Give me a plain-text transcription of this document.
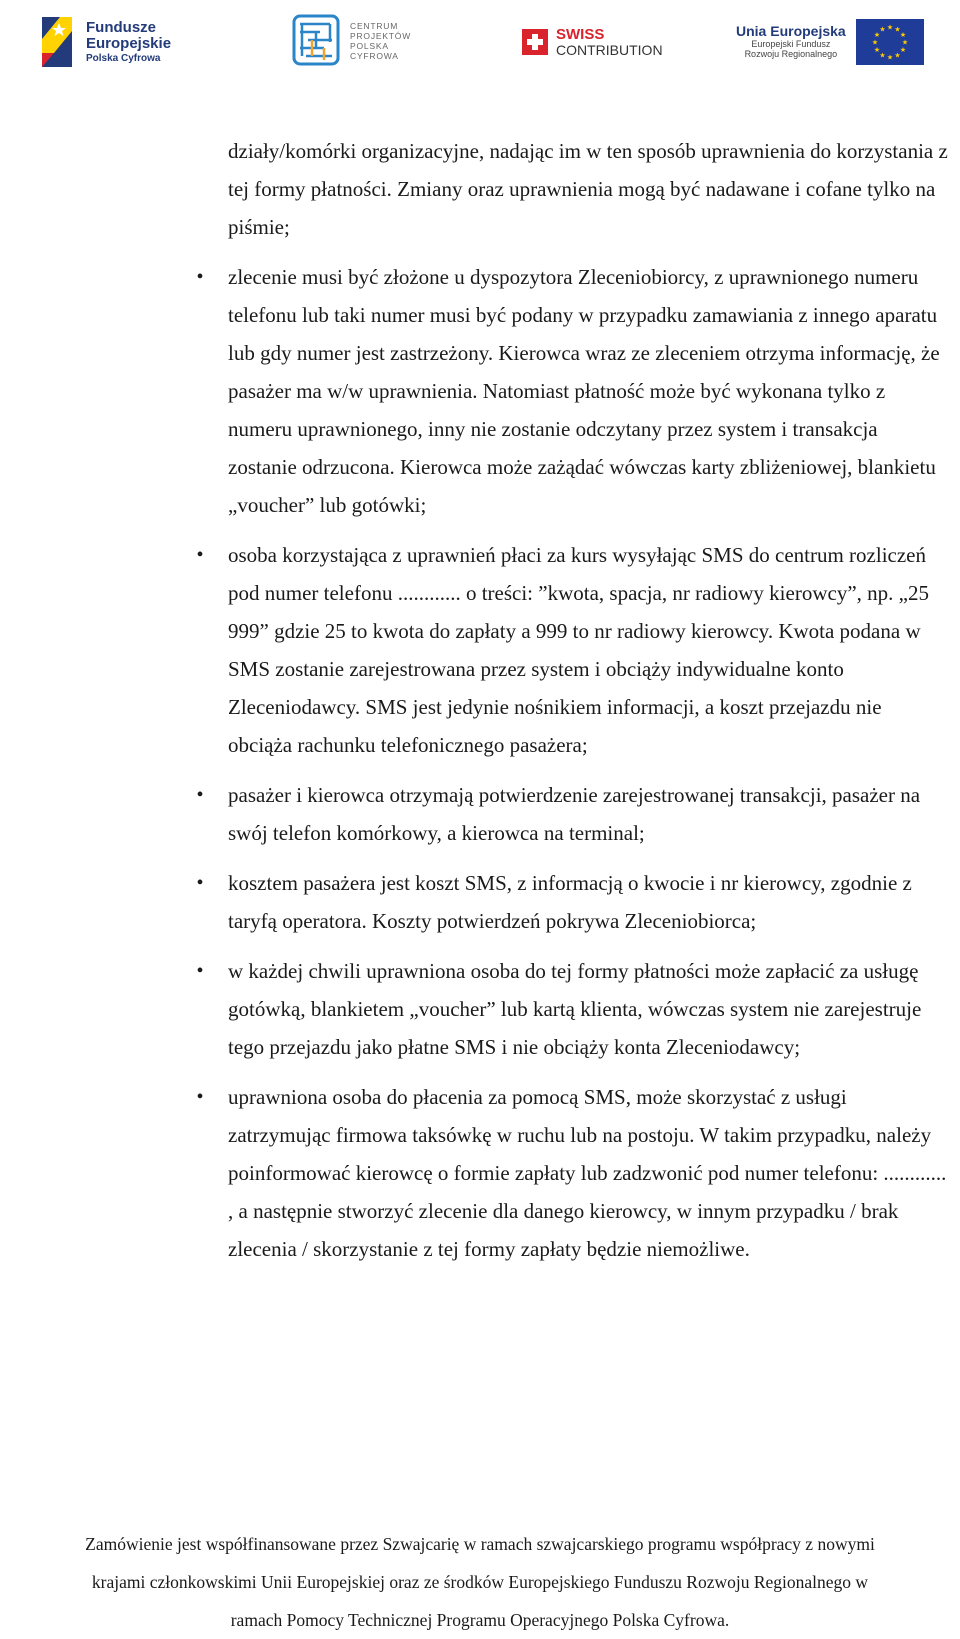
Fundusze
Europejskie
Polska Cyfrowa
CENTRUM
PROJEKTÓW
POLSKA
CYFROWA
SWISS
CONTRIBUTION
Unia Europejska
Europejski Fundusz
Rozwoju Regionalnego
★
★
★
★
★
★
★
★
★ ★ ★
★
działy/komórki organizacyjne, nadając im w ten sposób uprawnienia do korzystania z tej formy płatności. Zmiany oraz uprawnienia mogą być nadawane i cofane tylko na piśmie;
•	zlecenie musi być złożone u dyspozytora Zleceniobiorcy, z uprawnionego numeru telefonu lub taki numer musi być podany w przypadku zamawiania z innego aparatu lub gdy numer jest zastrzeżony. Kierowca wraz ze zleceniem otrzyma informację, że pasażer ma w/w uprawnienia. Natomiast płatność może być wykonana tylko z numeru uprawnionego, inny nie zostanie odczytany przez system i transakcja zostanie odrzucona. Kierowca może zażądać wówczas karty zbliżeniowej, blankietu „voucher” lub gotówki;
•	osoba korzystająca z uprawnień płaci za kurs wysyłając SMS do centrum rozliczeń pod numer telefonu ............ o treści: ”kwota, spacja, nr radiowy kierowcy”, np. „25 999” gdzie 25 to kwota do zapłaty a 999 to nr radiowy kierowcy. Kwota podana w SMS zostanie zarejestrowana przez system i obciąży indywidualne konto Zleceniodawcy. SMS jest jedynie nośnikiem informacji, a koszt przejazdu nie obciąża rachunku telefonicznego pasażera;
•	pasażer i kierowca otrzymają potwierdzenie zarejestrowanej transakcji, pasażer na swój telefon komórkowy, a kierowca na terminal;
•	kosztem pasażera jest koszt SMS, z informacją o kwocie i nr kierowcy, zgodnie z taryfą operatora. Koszty potwierdzeń pokrywa Zleceniobiorca;
•	w każdej chwili uprawniona osoba do tej formy płatności może zapłacić za usługę gotówką, blankietem „voucher” lub kartą klienta, wówczas system nie zarejestruje tego przejazdu jako płatne SMS i nie obciąży konta Zleceniodawcy;
•	uprawniona osoba do płacenia za pomocą SMS, może skorzystać z usługi zatrzymując firmowa taksówkę w ruchu lub na postoju. W takim przypadku, należy poinformować kierowcę o formie zapłaty lub zadzwonić pod numer telefonu: ............ , a następnie stworzyć zlecenie dla danego kierowcy, w innym przypadku / brak zlecenia / skorzystanie z tej formy zapłaty będzie niemożliwe.
Zamówienie jest współfinansowane przez Szwajcarię w ramach szwajcarskiego programu współpracy z nowymi
krajami członkowskimi Unii Europejskiej oraz ze środków Europejskiego Funduszu Rozwoju Regionalnego w
ramach Pomocy Technicznej Programu Operacyjnego Polska Cyfrowa.
